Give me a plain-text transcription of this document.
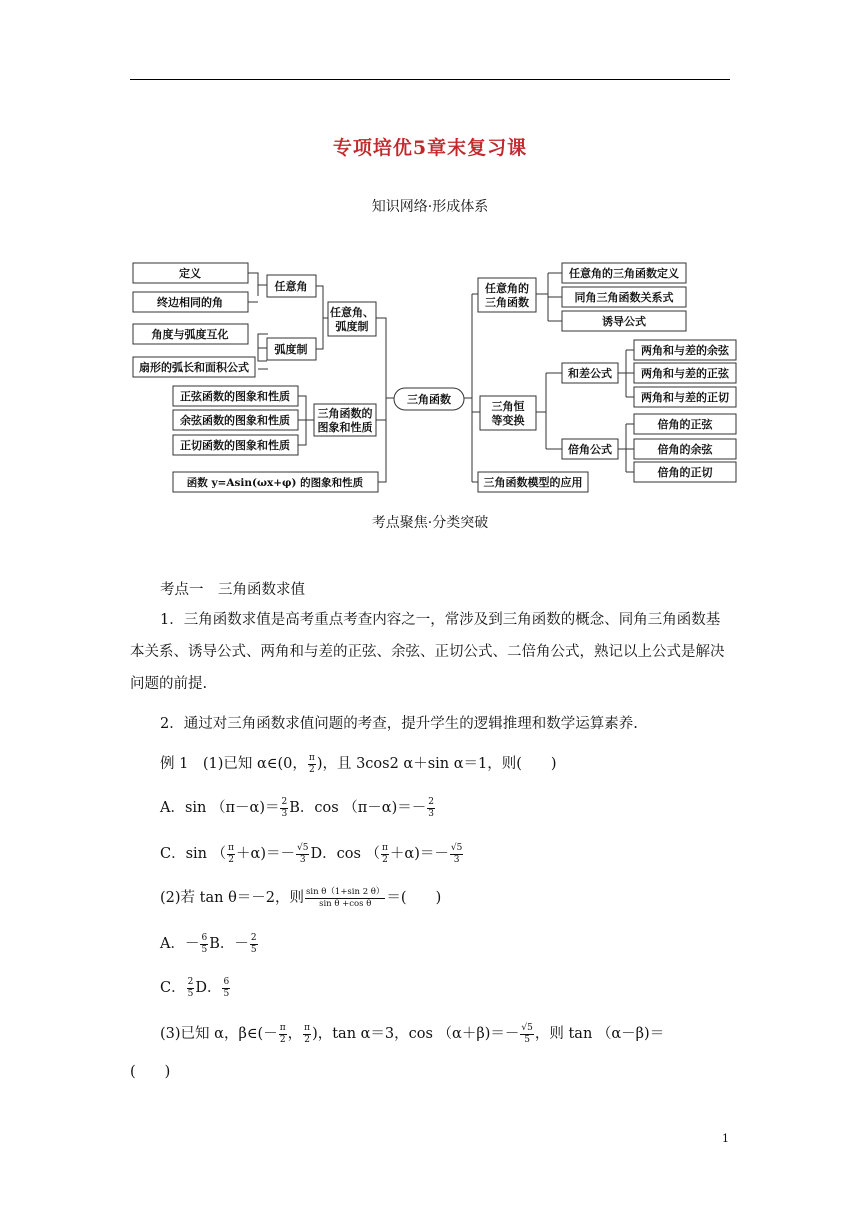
专项培优5章末复习课
知识网络·形成体系
定义
终边相同的角
角度与弧度互化
扇形的弧长和面积公式
任意角
弧度制
任意角、
弧度制
正弦函数的图象和性质
余弦函数的图象和性质
正切函数的图象和性质
三角函数的
图象和性质
函数 y=Asin(ωx+φ) 的图象和性质
三角函数
任意角的
三角函数
任意角的三角函数定义
同角三角函数关系式
诱导公式
三角恒
等变换
和差公式
两角和与差的余弦
两角和与差的正弦
两角和与差的正切
倍角公式
倍角的正弦
倍角的余弦
倍角的正切
三角函数模型的应用
考点聚焦·分类突破
考点一　三角函数求值
1．三角函数求值是高考重点考查内容之一，常涉及到三角函数的概念、同角三角函数基本关系、诱导公式、两角和与差的正弦、余弦、正切公式、二倍角公式，熟记以上公式是解决问题的前提.
2．通过对三角函数求值问题的考查，提升学生的逻辑推理和数学运算素养.
例 1　(1)已知 α∈(0， $\frac{\pi}{2}$ )，且 3cos2 α＋sin α＝1，则(　　)
A．$\sin (\pi-\alpha)= \frac{2}{3}$ B．$\cos (\pi-\alpha)=- \frac{2}{3}$
C．sin （ $\frac{\pi}{2} +\alpha)=- \frac{√5}{3}$ D．cos （ $\frac{\pi}{2} +\alpha)=- \frac{√5}{3}$
(2)若 tan θ＝－2，则 $\frac{\text{sin θ（1+sin 2 θ）}}{\text{sin θ +cos θ}}$ ＝(　　)
A．－ $\frac{6}{5}$ B．－ $\frac{2}{5}$
C． $\frac{2}{5}$ D． $\frac{6}{5}$
(3)已知 α，β∈(－ $\frac{\pi}{2}$ ， $\frac{\pi}{2}$ )，tan α＝3，$\cos (\alpha+\beta)=- \frac{√5}{5}$ ，则 tan （α－β)＝
(　　)
1
